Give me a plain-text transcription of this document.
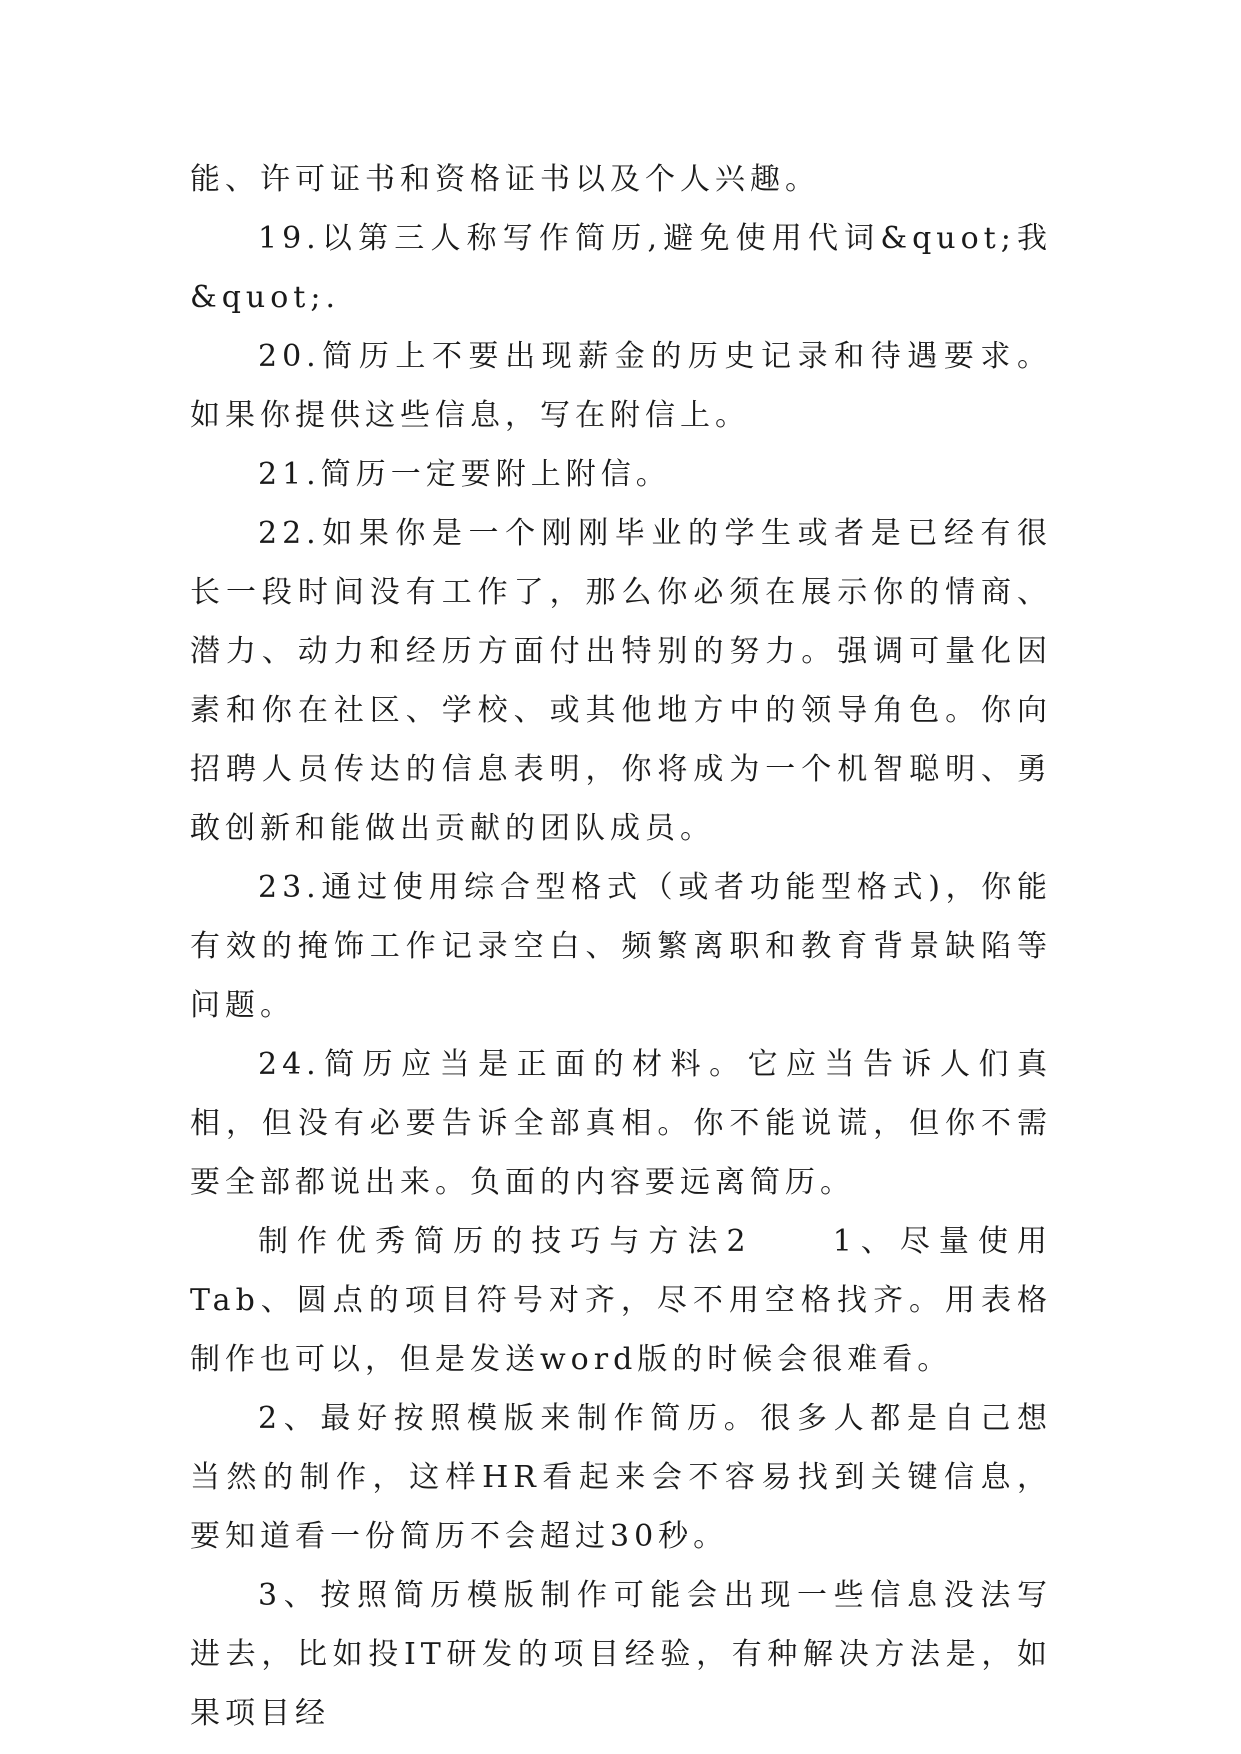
能、许可证书和资格证书以及个人兴趣。

19.以第三人称写作简历,避免使用代词&quot;我&quot;.

20.简历上不要出现薪金的历史记录和待遇要求。如果你提供这些信息，写在附信上。

21.简历一定要附上附信。

22.如果你是一个刚刚毕业的学生或者是已经有很长一段时间没有工作了，那么你必须在展示你的情商、潜力、动力和经历方面付出特别的努力。强调可量化因素和你在社区、学校、或其他地方中的领导角色。你向招聘人员传达的信息表明，你将成为一个机智聪明、勇敢创新和能做出贡献的团队成员。

23.通过使用综合型格式（或者功能型格式)，你能有效的掩饰工作记录空白、频繁离职和教育背景缺陷等问题。

24.简历应当是正面的材料。它应当告诉人们真相，但没有必要告诉全部真相。你不能说谎，但你不需要全部都说出来。负面的内容要远离简历。

制作优秀简历的技巧与方法2　　1、尽量使用Tab、圆点的项目符号对齐，尽不用空格找齐。用表格制作也可以，但是发送word版的时候会很难看。

2、最好按照模版来制作简历。很多人都是自己想当然的制作，这样HR看起来会不容易找到关键信息，要知道看一份简历不会超过30秒。

3、按照简历模版制作可能会出现一些信息没法写进去，比如投IT研发的项目经验，有种解决方法是，如果项目经
